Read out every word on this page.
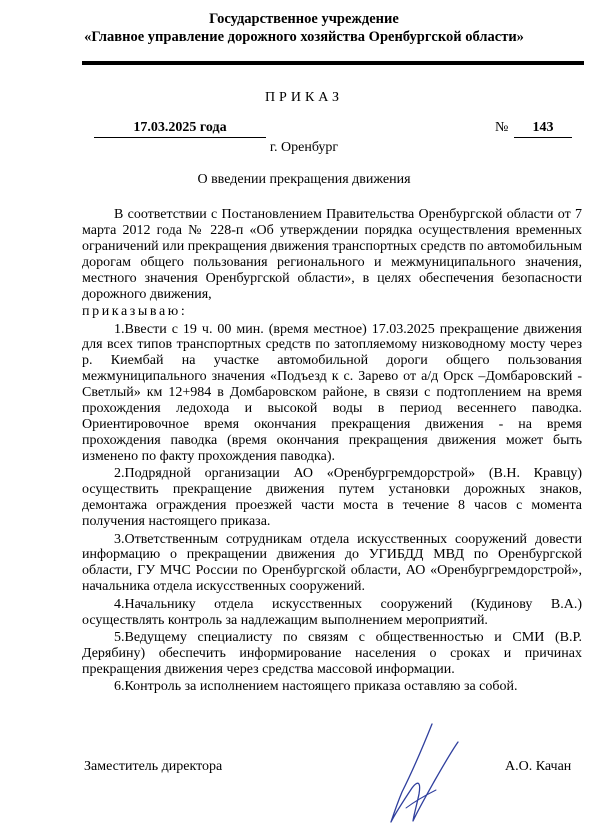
Государственное учреждение
«Главное управление дорожного хозяйства Оренбургской области»
ПРИКАЗ
17.03.2025 года	№	143
г. Оренбург
О введении прекращения движения

В соответствии с Постановлением Правительства Оренбургской области от 7 марта 2012 года № 228-п «Об утверждении порядка осуществления временных ограничений или прекращения движения транспортных средств по автомобильным дорогам общего пользования регионального и межмуниципального значения, местного значения Оренбургской области», в целях обеспечения безопасности дорожного движения,

приказываю:

1.Ввести с 19 ч. 00 мин. (время местное) 17.03.2025 прекращение движения для всех типов транспортных средств по затопляемому низководному мосту через р. Киембай на участке автомобильной дороги общего пользования межмуниципального значения «Подъезд к с. Зарево от а/д Орск –Домбаровский - Светлый» км 12+984 в Домбаровском районе, в связи с подтоплением на время прохождения ледохода и высокой воды в период весеннего паводка. Ориентировочное время окончания прекращения движения - на время прохождения паводка (время окончания прекращения движения может быть изменено по факту прохождения паводка).

2.Подрядной организации АО «Оренбургремдорстрой» (В.Н. Кравцу) осуществить прекращение движения путем установки дорожных знаков, демонтажа ограждения проезжей части моста в течение 8 часов с момента получения настоящего приказа.

3.Ответственным сотрудникам отдела искусственных сооружений довести информацию о прекращении движения до УГИБДД МВД по Оренбургской области, ГУ МЧС России по Оренбургской области, АО «Оренбургремдорстрой», начальника отдела искусственных сооружений.

4.Начальнику отдела искусственных сооружений (Кудинову В.А.) осуществлять контроль за надлежащим выполнением мероприятий.

5.Ведущему специалисту по связям с общественностью и СМИ (В.Р. Дерябину) обеспечить информирование населения о сроках и причинах прекращения движения через средства массовой информации.

6.Контроль за исполнением настоящего приказа оставляю за собой.

Заместитель директора	А.О. Качан
